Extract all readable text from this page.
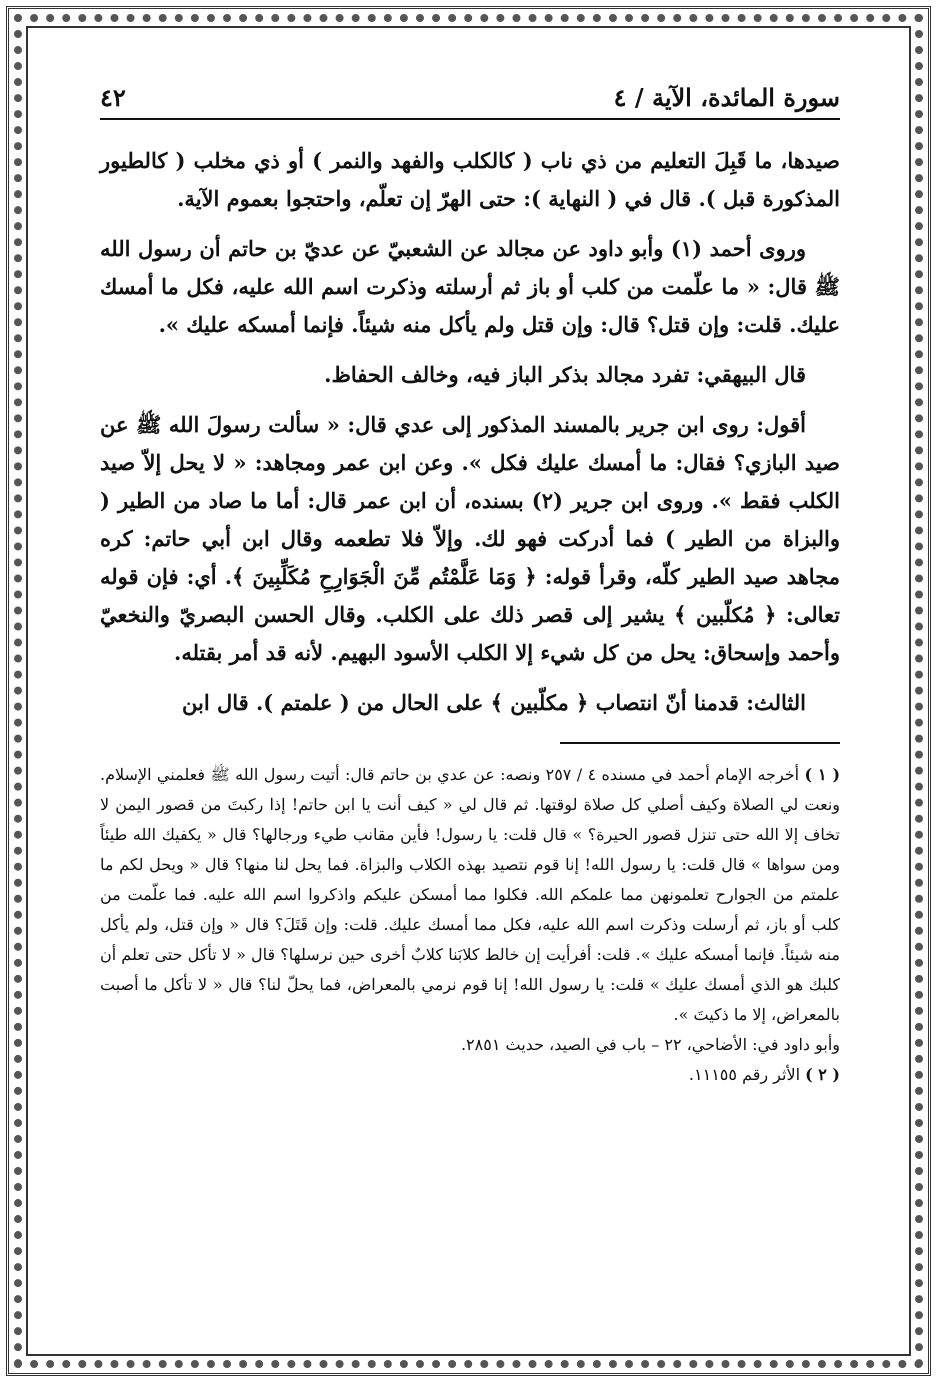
سورة المائدة، الآية / ٤
٤٢

صيدها، ما قَبِلَ التعليم من ذي ناب ( كالكلب والفهد والنمر ) أو ذي مخلب ( كالطيور المذكورة قبل ). قال في ( النهاية ): حتى الهرّ إن تعلّم، واحتجوا بعموم الآية.

وروى أحمد (١) وأبو داود عن مجالد عن الشعبيّ عن عديّ بن حاتم أن رسول الله ﷺ قال: « ما علّمت من كلب أو باز ثم أرسلته وذكرت اسم الله عليه، فكل ما أمسك عليك. قلت: وإن قتل؟ قال: وإن قتل ولم يأكل منه شيئاً. فإنما أمسكه عليك ».

قال البيهقي: تفرد مجالد بذكر الباز فيه، وخالف الحفاظ.

أقول: روى ابن جرير بالمسند المذكور إلى عدي قال: « سألت رسولَ الله ﷺ عن صيد البازي؟ فقال: ما أمسك عليك فكل ». وعن ابن عمر ومجاهد: « لا يحل إلاّ صيد الكلب فقط ». وروى ابن جرير (٢) بسنده، أن ابن عمر قال: أما ما صاد من الطير ( والبزاة من الطير ) فما أدركت فهو لك. وإلاّ فلا تطعمه وقال ابن أبي حاتم: كره مجاهد صيد الطير كلّه، وقرأ قوله: ﴿ وَمَا عَلَّمْتُم مِّنَ الْجَوَارِحِ مُكَلِّبِينَ ﴾. أي: فإن قوله تعالى: ﴿ مُكلّبين ﴾ يشير إلى قصر ذلك على الكلب. وقال الحسن البصريّ والنخعيّ وأحمد وإسحاق: يحل من كل شيء إلا الكلب الأسود البهيم. لأنه قد أمر بقتله.

الثالث: قدمنا أنّ انتصاب ﴿ مكلّبين ﴾ على الحال من ( علمتم ). قال ابن

( ١ ) أخرجه الإمام أحمد في مسنده ٤ / ٢٥٧ ونصه: عن عدي بن حاتم قال: أتيت رسول الله ﷺ فعلمني الإسلام. ونعت لي الصلاة وكيف أصلي كل صلاة لوقتها. ثم قال لي « كيف أنت يا ابن حاتم! إذا ركبتَ من قصور اليمن لا تخاف إلا الله حتى تنزل قصور الحيرة؟ » قال قلت: يا رسول! فأين مقانب طيء ورجالها؟ قال « يكفيك الله طيئاً ومن سواها » قال قلت: يا رسول الله! إنا قوم نتصيد بهذه الكلاب والبزاة. فما يحل لنا منها؟ قال « ويحل لكم ما علمتم من الجوارح تعلمونهن مما علمكم الله. فكلوا مما أمسكن عليكم واذكروا اسم الله عليه. فما علّمت من كلب أو باز، ثم أرسلت وذكرت اسم الله عليه، فكل مما أمسك عليك. قلت: وإن قَتَلَ؟ قال « وإن قتل، ولم يأكل منه شيئاً. فإنما أمسكه عليك ». قلت: أفرأيت إن خالط كلابَنا كلابٌ أخرى حين نرسلها؟ قال « لا تأكل حتى تعلم أن كلبك هو الذي أمسك عليك » قلت: يا رسول الله! إنا قوم نرمي بالمعراض، فما يحلّ لنا؟ قال « لا تأكل ما أصبت بالمعراض، إلا ما ذكيتَ ».

وأبو داود في: الأضاحي، ٢٢ – باب في الصيد، حديث ٢٨٥١.

( ٢ ) الأثر رقم ١١١٥٥.
